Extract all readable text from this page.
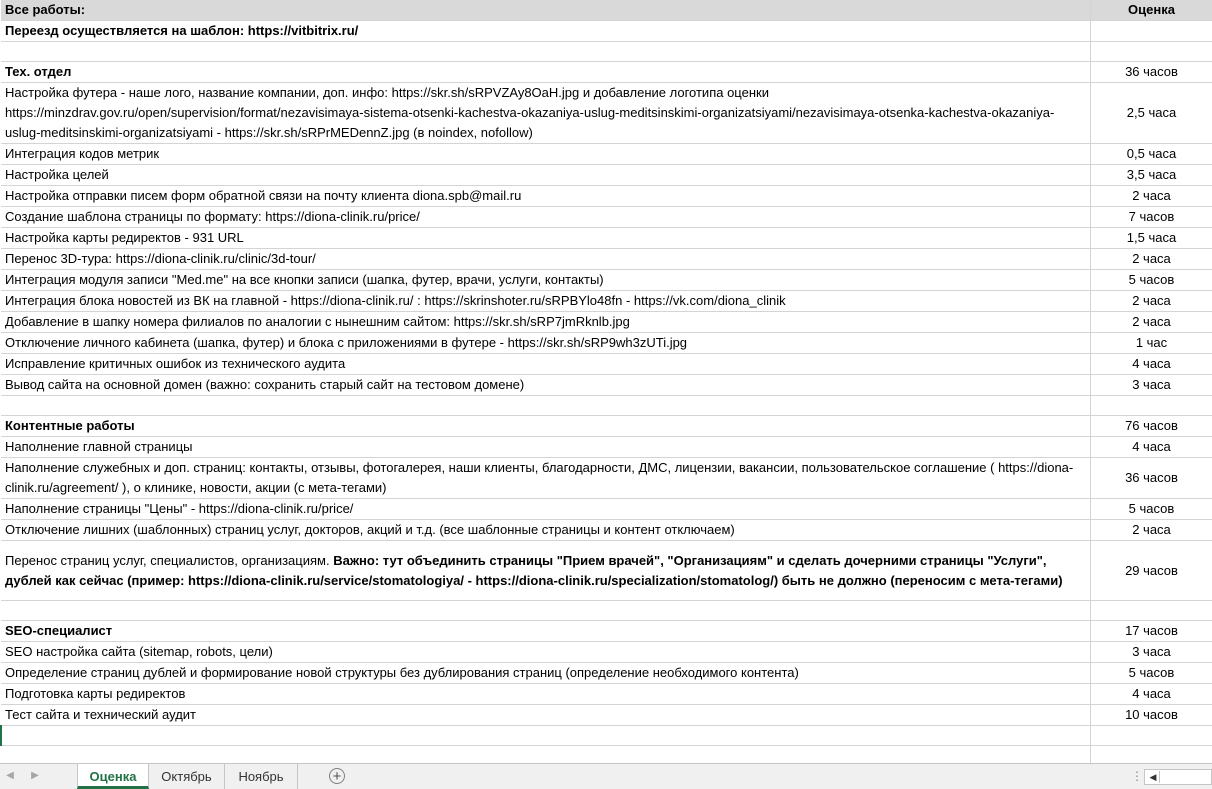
Все работы:	Оценка
Переезд осуществляется на шаблон: https://vitbitrix.ru/	

Тех. отдел	36 часов
Настройка футера - наше лого, название компании, доп. инфо: https://skr.sh/sRPVZAy8OaH.jpg и добавление логотипа оценки https://minzdrav.gov.ru/open/supervision/format/nezavisimaya-sistema-otsenki-kachestva-okazaniya-uslug-meditsinskimi-organizatsiyami/nezavisimaya-otsenka-kachestva-okazaniya-uslug-meditsinskimi-organizatsiyami - https://skr.sh/sRPrMEDennZ.jpg (в noindex, nofollow)	2,5 часа
Интеграция кодов метрик	0,5 часа
Настройка целей	3,5 часа
Настройка отправки писем форм обратной связи на почту клиента diona.spb@mail.ru	2 часа
Создание шаблона страницы по формату: https://diona-clinik.ru/price/	7 часов
Настройка карты редиректов - 931 URL	1,5 часа
Перенос 3D-тура: https://diona-clinik.ru/clinic/3d-tour/	2 часа
Интеграция модуля записи "Med.me" на все кнопки записи (шапка, футер, врачи, услуги, контакты)	5 часов
Интеграция блока новостей из ВК на главной - https://diona-clinik.ru/ : https://skrinshoter.ru/sRPBYlo48fn - https://vk.com/diona_clinik	2 часа
Добавление в шапку номера филиалов по аналогии с нынешним сайтом: https://skr.sh/sRP7jmRknlb.jpg	2 часа
Отключение личного кабинета (шапка, футер) и блока с приложениями в футере - https://skr.sh/sRP9wh3zUTi.jpg	1 час
Исправление критичных ошибок из технического аудита	4 часа
Вывод сайта на основной домен (важно: сохранить старый сайт на тестовом домене)	3 часа

Контентные работы	76 часов
Наполнение главной страницы	4 часа
Наполнение служебных и доп. страниц: контакты, отзывы, фотогалерея, наши клиенты, благодарности, ДМС, лицензии, вакансии, пользовательское соглашение ( https://diona-clinik.ru/agreement/ ), о клинике, новости, акции (с мета-тегами)	36 часов
Наполнение страницы "Цены" - https://diona-clinik.ru/price/	5 часов
Отключение лишних (шаблонных) страниц услуг, докторов, акций и т.д. (все шаблонные страницы и контент отключаем)	2 часа
Перенос страниц услуг, специалистов, организациям. Важно: тут объединить страницы "Прием врачей", "Организациям" и сделать дочерними страницы "Услуги", дублей как сейчас (пример: https://diona-clinik.ru/service/stomatologiya/ - https://diona-clinik.ru/specialization/stomatolog/) быть не должно (переносим с мета-тегами)	29 часов

SEO-специалист	17 часов
SEO настройка сайта (sitemap, robots, цели)	3 часа
Определение страниц дублей и формирование новой структуры без дублирования страниц (определение необходимого контента)	5 часов
Подготовка карты редиректов	4 часа
Тест сайта и технический аудит	10 часов

◀	▶	Оценка	Октябрь	Ноябрь	+	⋮ ◀
